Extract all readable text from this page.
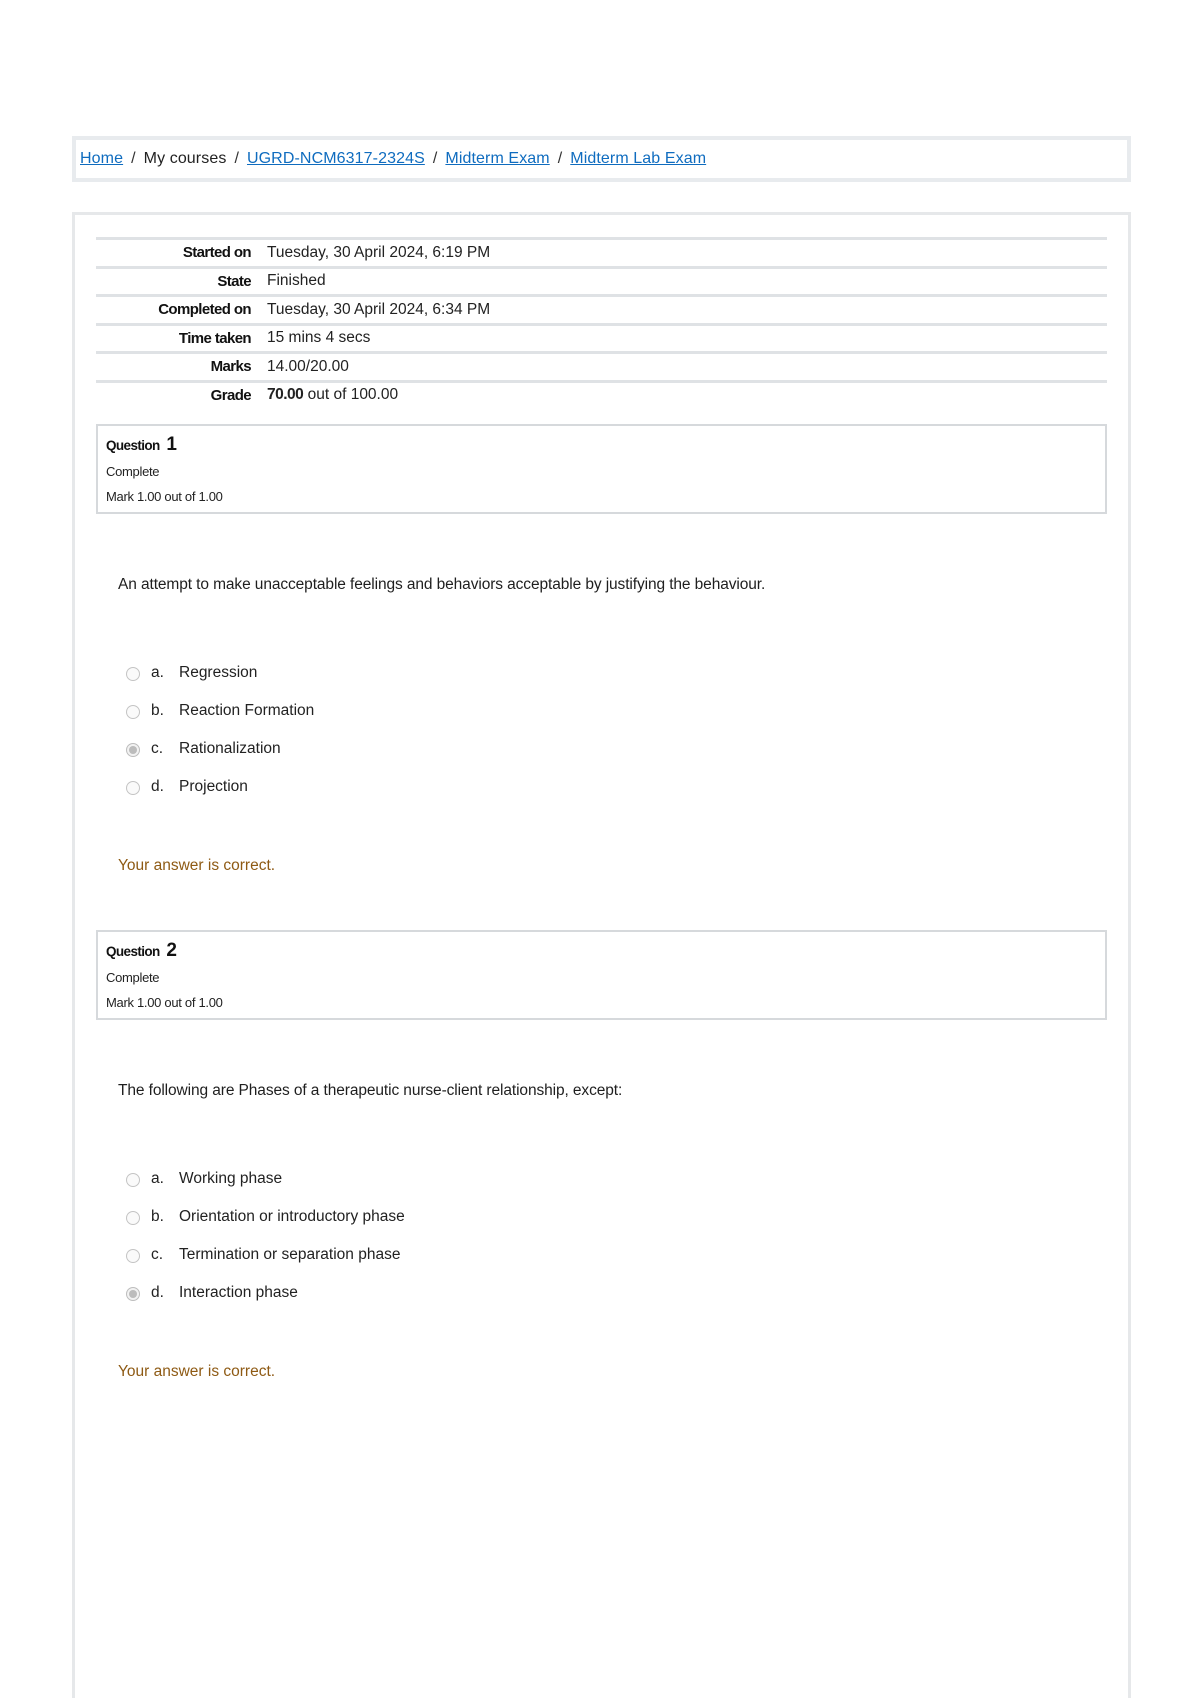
Home / My courses / UGRD-NCM6317-2324S / Midterm Exam / Midterm Lab Exam
Started on	Tuesday, 30 April 2024, 6:19 PM
State	Finished
Completed on	Tuesday, 30 April 2024, 6:34 PM
Time taken	15 mins 4 secs
Marks	14.00/20.00
Grade	70.00 out of 100.00
Question 1
Complete
Mark 1.00 out of 1.00
An attempt to make unacceptable feelings and behaviors acceptable by justifying the behaviour.
a. Regression
b. Reaction Formation
c.	Rationalization
d. Projection
Your answer is correct.
Question 2
Complete
Mark 1.00 out of 1.00
The following are Phases of a therapeutic nurse-client relationship, except:
a. Working phase
b. Orientation or introductory phase
c.	Termination or separation phase
d. Interaction phase
Your answer is correct.
